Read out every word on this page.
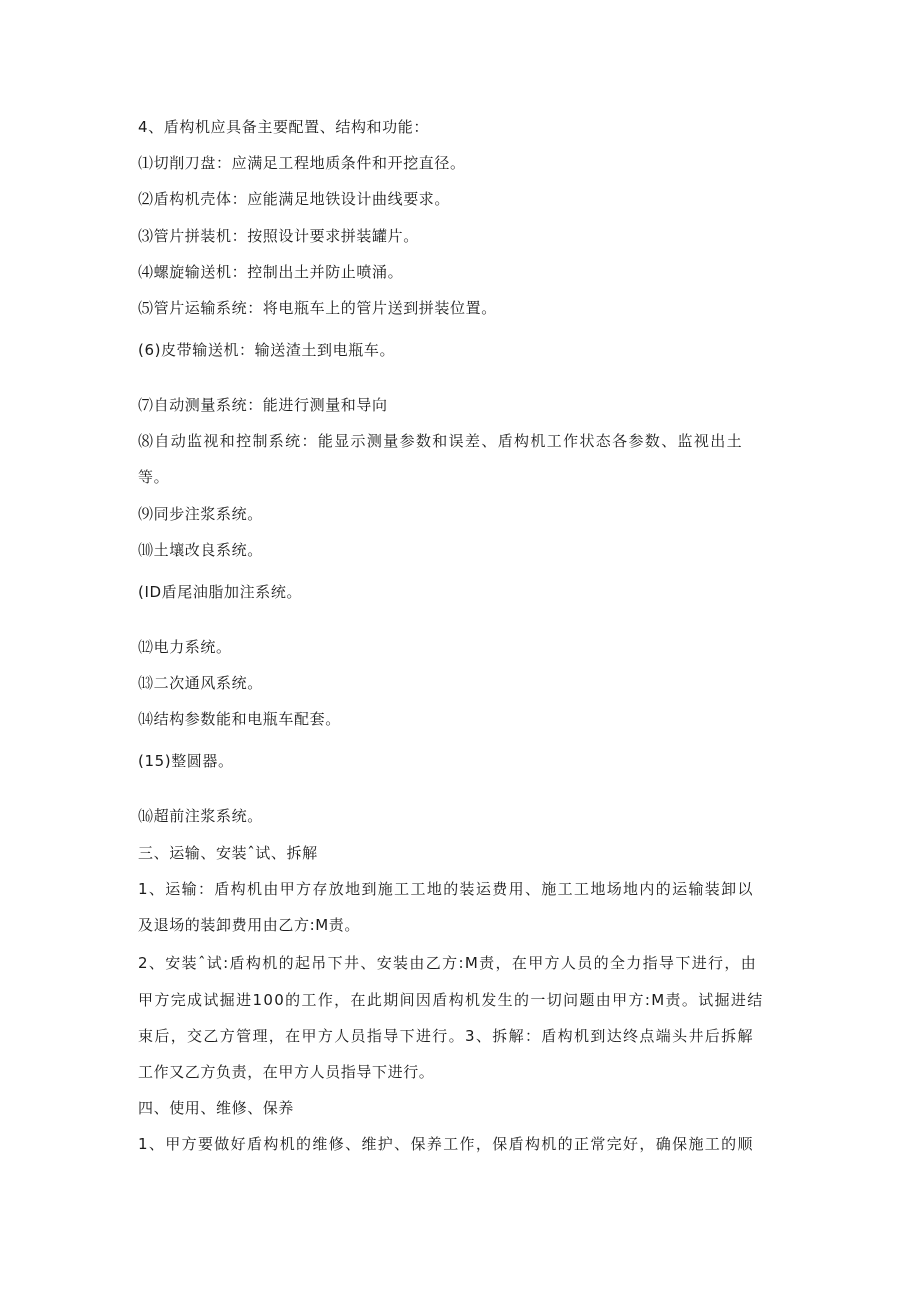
4、盾构机应具备主要配置、结构和功能：
⑴切削刀盘：应满足工程地质条件和开挖直径。
⑵盾构机壳体：应能满足地铁设计曲线要求。
⑶管片拼装机：按照设计要求拼装罐片。
⑷螺旋输送机：控制出土并防止喷涌。
⑸管片运输系统：将电瓶车上的管片送到拼装位置。
(6)皮带输送机：输送渣土到电瓶车。
⑺自动测量系统：能进行测量和导向
⑻自动监视和控制系统：能显示测量参数和误差、盾构机工作状态各参数、监视出土
等。
⑼同步注浆系统。
⑽土壤改良系统。
(ID盾尾油脂加注系统。
⑿电力系统。
⒀二次通风系统。
⒁结构参数能和电瓶车配套。
(15)整圆器。
⒃超前注浆系统。
三、运输、安装ˆ试、拆解
1、运输：盾构机由甲方存放地到施工工地的装运费用、施工工地场地内的运输装卸以
及退场的装卸费用由乙方:M责。
2、安装ˆ试:盾构机的起吊下井、安装由乙方:M责，在甲方人员的全力指导下进行，由
甲方完成试掘进100的工作，在此期间因盾构机发生的一切问题由甲方:M责。试掘进结
束后，交乙方管理，在甲方人员指导下进行。3、拆解：盾构机到达终点端头井后拆解
工作又乙方负责，在甲方人员指导下进行。
四、使用、维修、保养
1、甲方要做好盾构机的维修、维护、保养工作，保盾构机的正常完好，确保施工的顺
